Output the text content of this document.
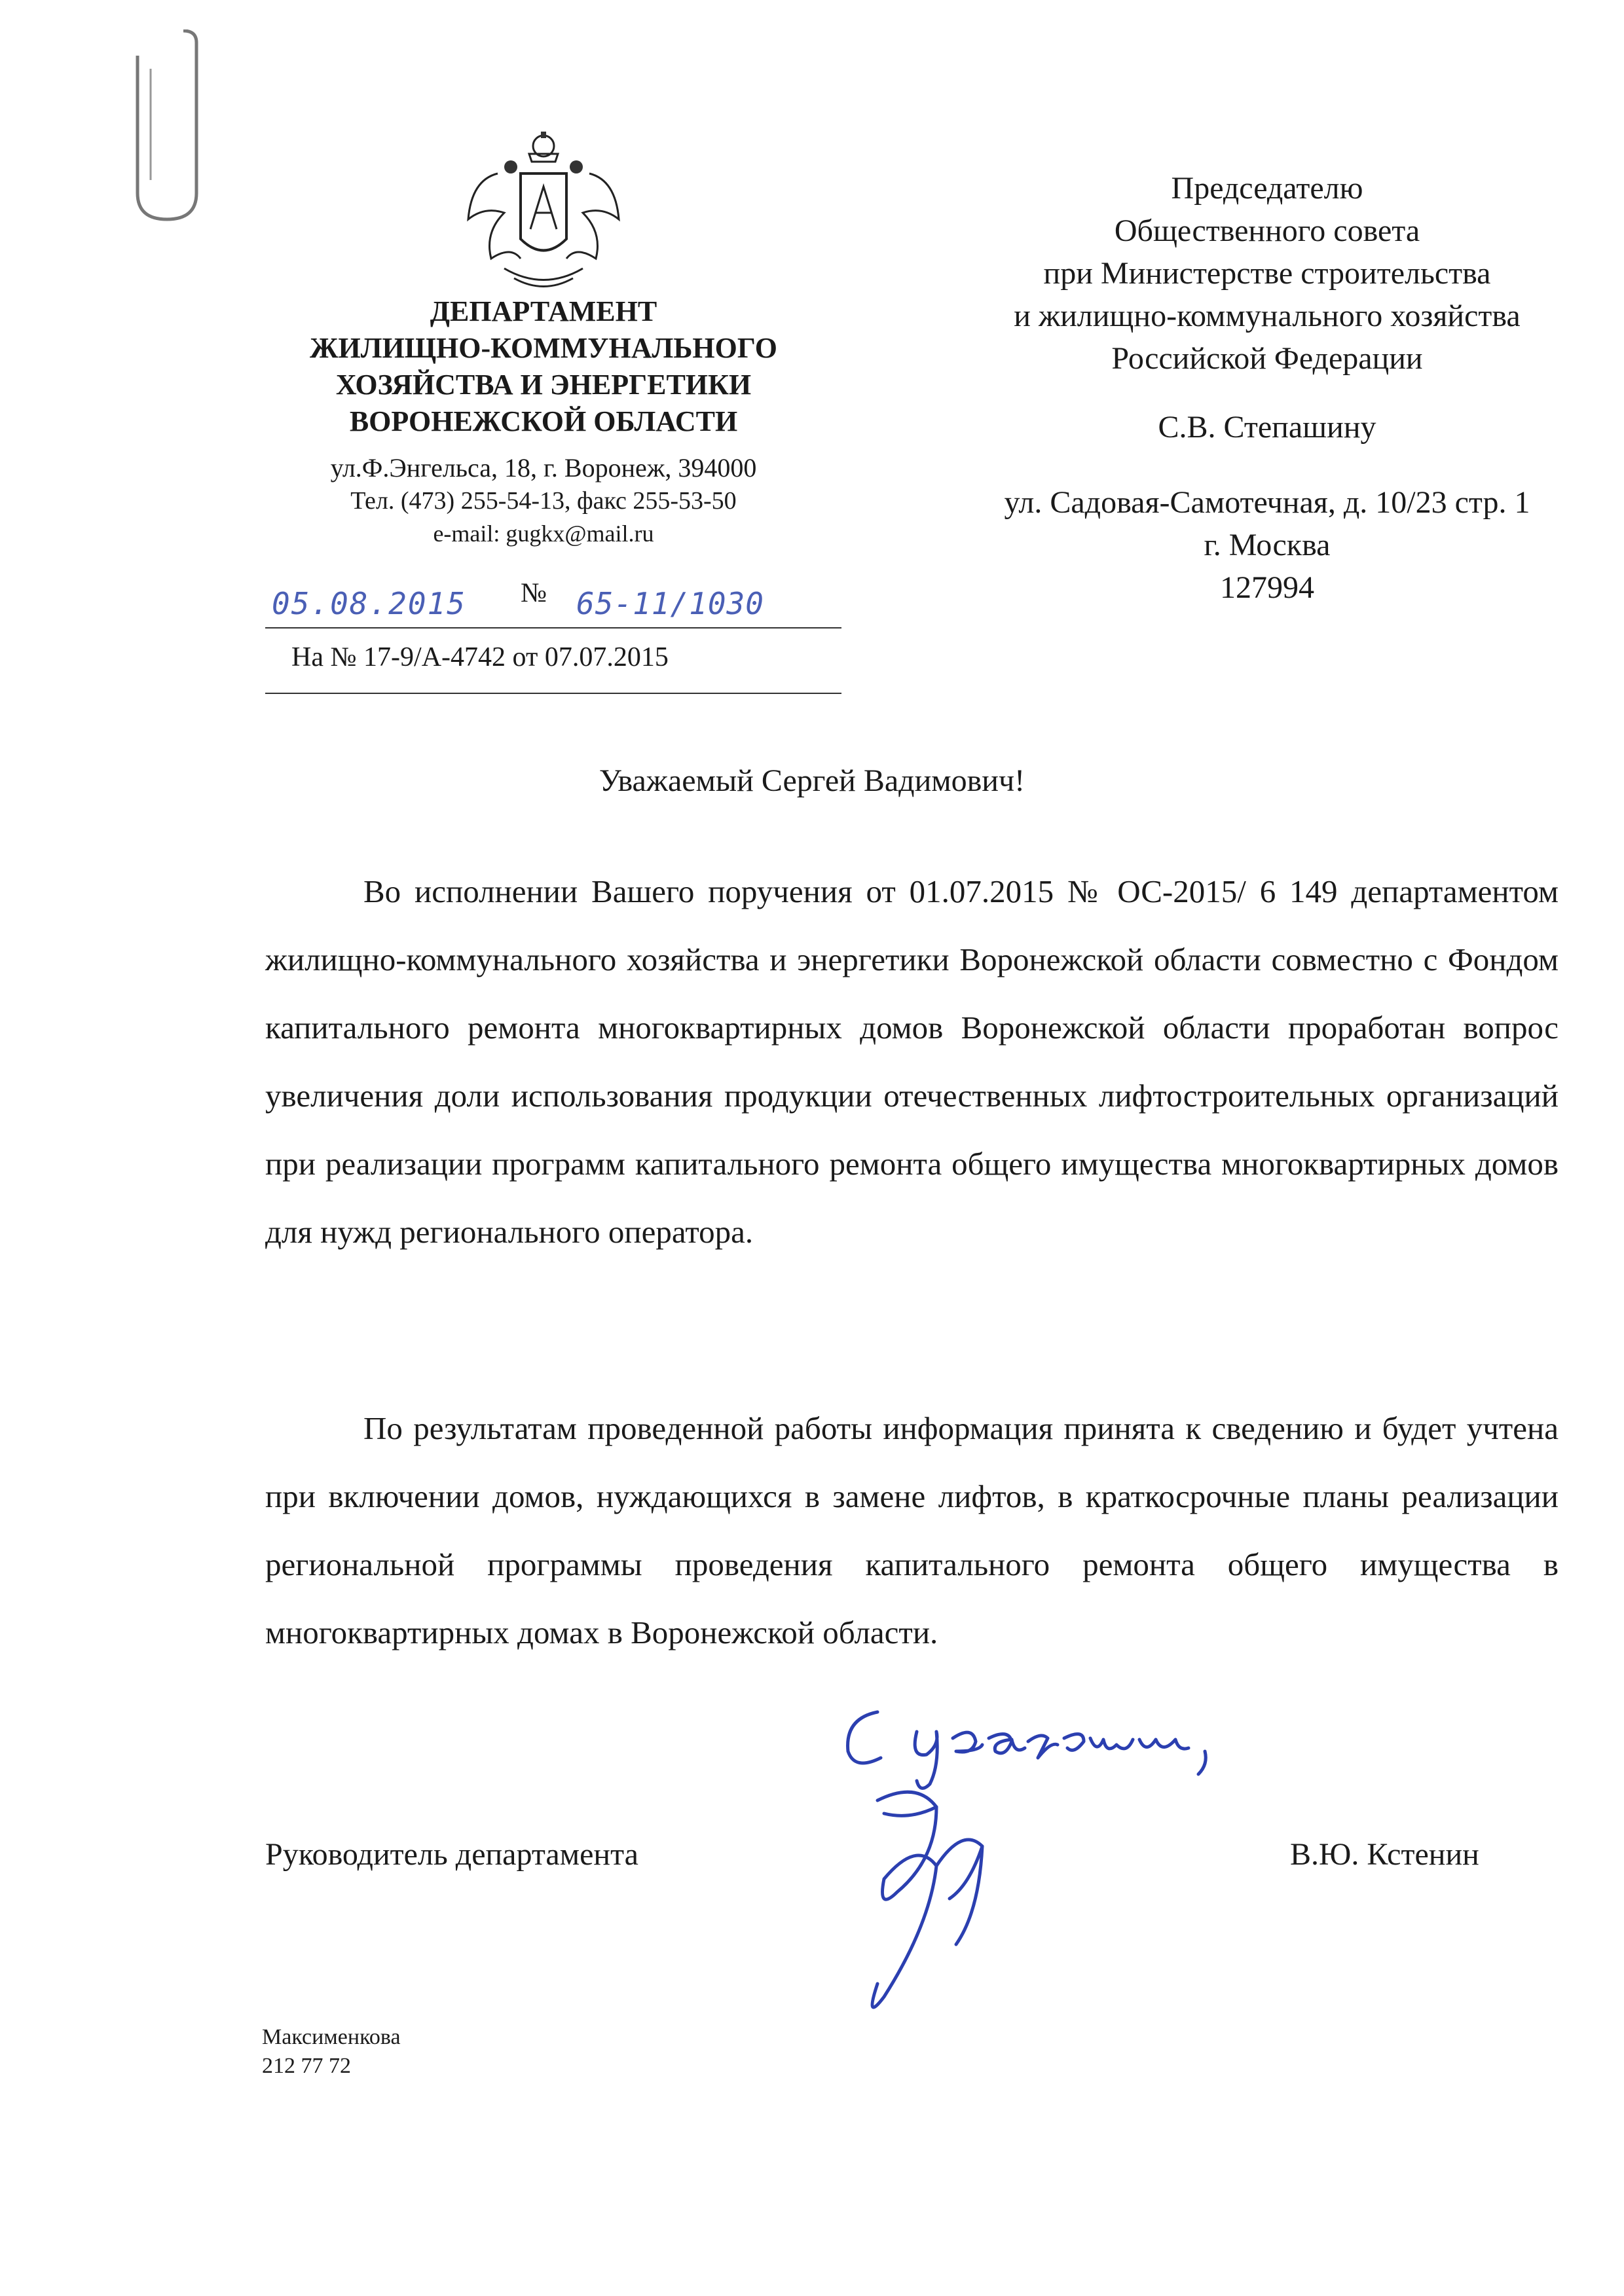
ДЕПАРТАМЕНТ
ЖИЛИЩНО-КОММУНАЛЬНОГО
ХОЗЯЙСТВА И ЭНЕРГЕТИКИ
ВОРОНЕЖСКОЙ ОБЛАСТИ
ул.Ф.Энгельса, 18, г. Воронеж, 394000
Тел. (473) 255-54-13, факс 255-53-50
e-mail: gugkx@mail.ru
05.08.2015 № 65-11/1030
На № 17-9/А-4742 от 07.07.2015
Председателю
Общественного совета
при Министерстве строительства
и жилищно-коммунального хозяйства
Российской Федерации
С.В. Степашину
ул. Садовая-Самотечная, д. 10/23 стр. 1
г. Москва
127994
Уважаемый Сергей Вадимович!
Во исполнении Вашего поручения от 01.07.2015 № ОС-2015/ 6 149 департаментом жилищно-коммунального хозяйства и энергетики Воронежской области совместно с Фондом капитального ремонта многоквартирных домов Воронежской области проработан вопрос увеличения доли использования продукции отечественных лифтостроительных организаций при реализации программ капитального ремонта общего имущества многоквартирных домов для нужд регионального оператора.
По результатам проведенной работы информация принята к сведению и будет учтена при включении домов, нуждающихся в замене лифтов, в краткосрочные планы реализации региональной программы проведения капитального ремонта общего имущества в многоквартирных домах в Воронежской области.
Руководитель департамента	В.Ю. Кстенин
Максименкова
212 77 72
